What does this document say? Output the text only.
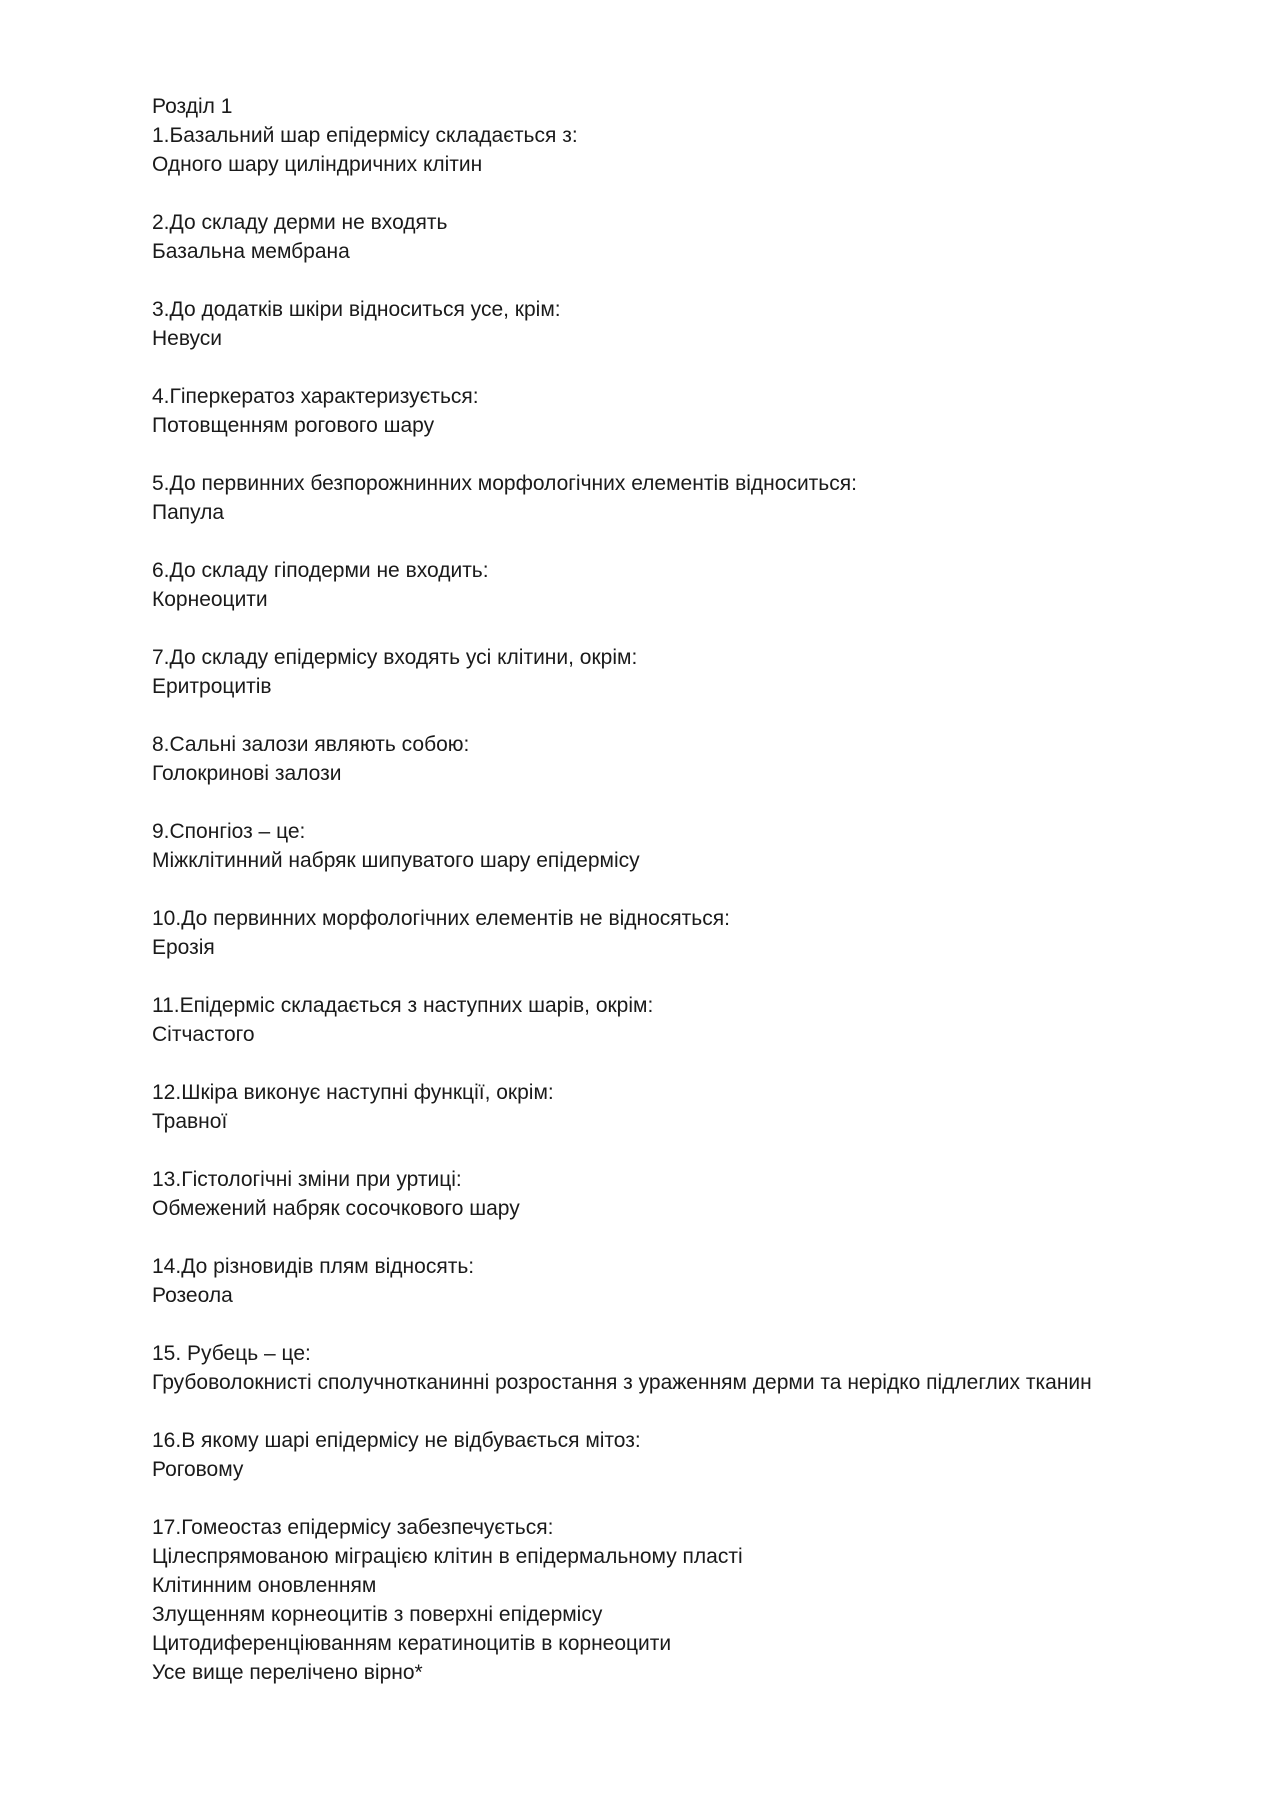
Розділ 1
1.Базальний шар епідермісу складається з:
Одного шару циліндричних клітин
2.До складу дерми не входять
Базальна мембрана
3.До додатків шкіри відноситься усе, крім:
Невуси
4.Гіперкератоз характеризується:
Потовщенням рогового шару
5.До первинних безпорожнинних морфологічних елементів відноситься:
Папула
6.До складу гіподерми не входить:
Корнеоцити
7.До складу епідермісу входять усі клітини, окрім:
Еритроцитів
8.Сальні залози являють собою:
Голокринові залози
9.Спонгіоз – це:
Міжклітинний набряк шипуватого шару епідермісу
10.До первинних морфологічних елементів не відносяться:
Ерозія
11.Епідерміс складається з наступних шарів, окрім:
Сітчастого
12.Шкіра виконує наступні функції, окрім:
Травної
13.Гістологічні зміни при уртиці:
Обмежений набряк сосочкового шару
14.До різновидів плям відносять:
Розеола
15. Рубець – це:
Грубоволокнисті сполучнотканинні розростання з ураженням дерми та нерідко підлеглих тканин
16.В якому шарі епідермісу не відбувається мітоз:
Роговому
17.Гомеостаз епідермісу забезпечується:
Цілеспрямованою міграцією клітин в епідермальному пласті
Клітинним оновленням
Злущенням корнеоцитів з поверхні епідермісу
Цитодиференціюванням кератиноцитів в корнеоцити
Усе вище перелічено вірно*
